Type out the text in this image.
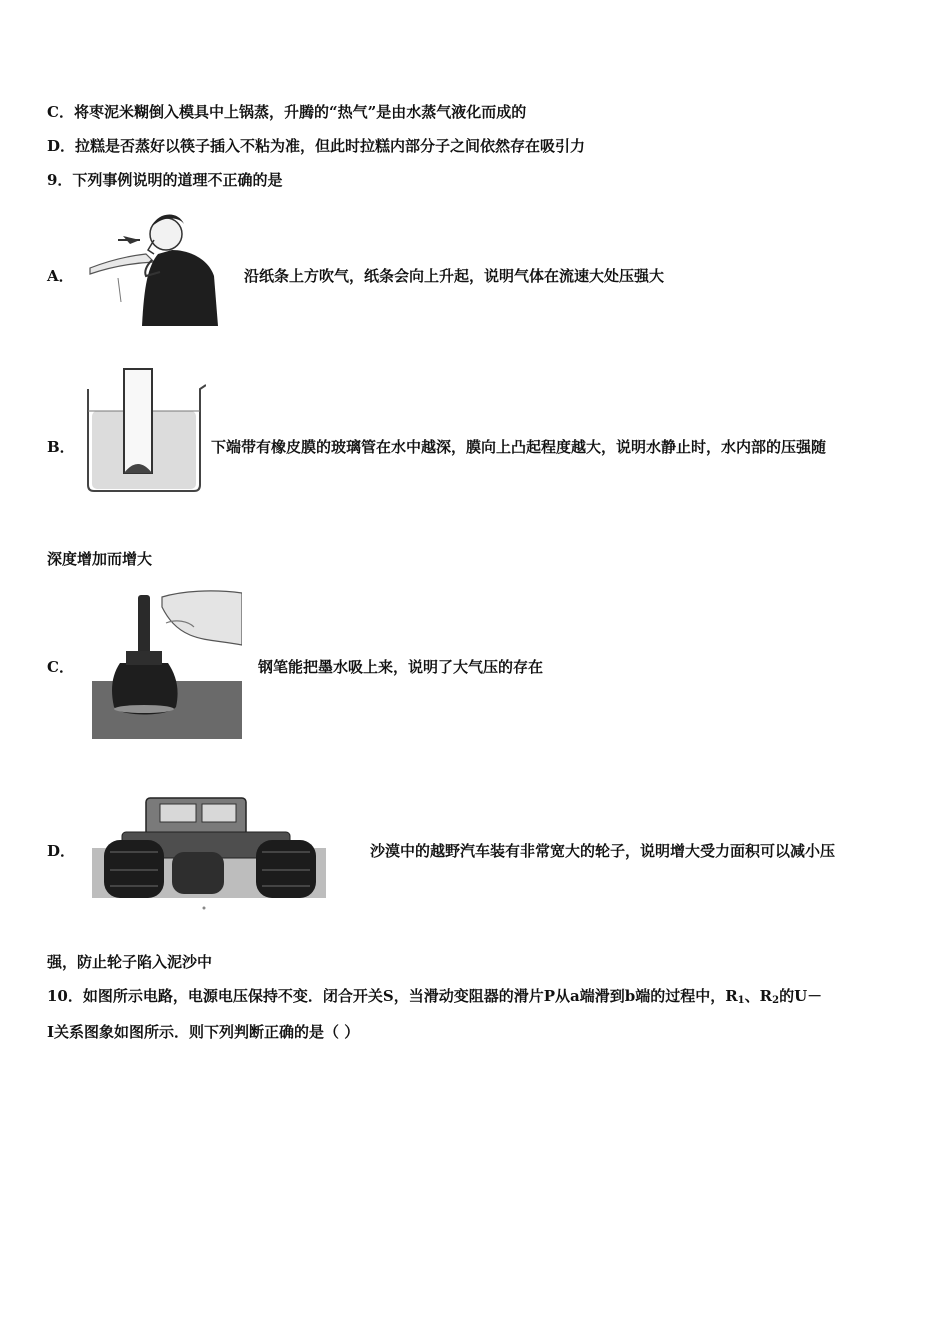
C．将枣泥米糊倒入模具中上锅蒸，升腾的“热气”是由水蒸气液化而成的
D．拉糕是否蒸好以筷子插入不粘为准，但此时拉糕内部分子之间依然存在吸引力
9．下列事例说明的道理不正确的是
A．	沿纸条上方吹气，纸条会向上升起，说明气体在流速大处压强大
B．	下端带有橡皮膜的玻璃管在水中越深，膜向上凸起程度越大，说明水静止时，水内部的压强随
深度增加而增大
C．	钢笔能把墨水吸上来，说明了大气压的存在
D．	沙漠中的越野汽车装有非常宽大的轮子，说明增大受力面积可以减小压
强，防止轮子陷入泥沙中
10．如图所示电路，电源电压保持不变．闭合开关S，当滑动变阻器的滑片P从a端滑到b端的过程中，$R_1$、$R_2$的U－
I关系图象如图所示．则下列判断正确的是（ ）
